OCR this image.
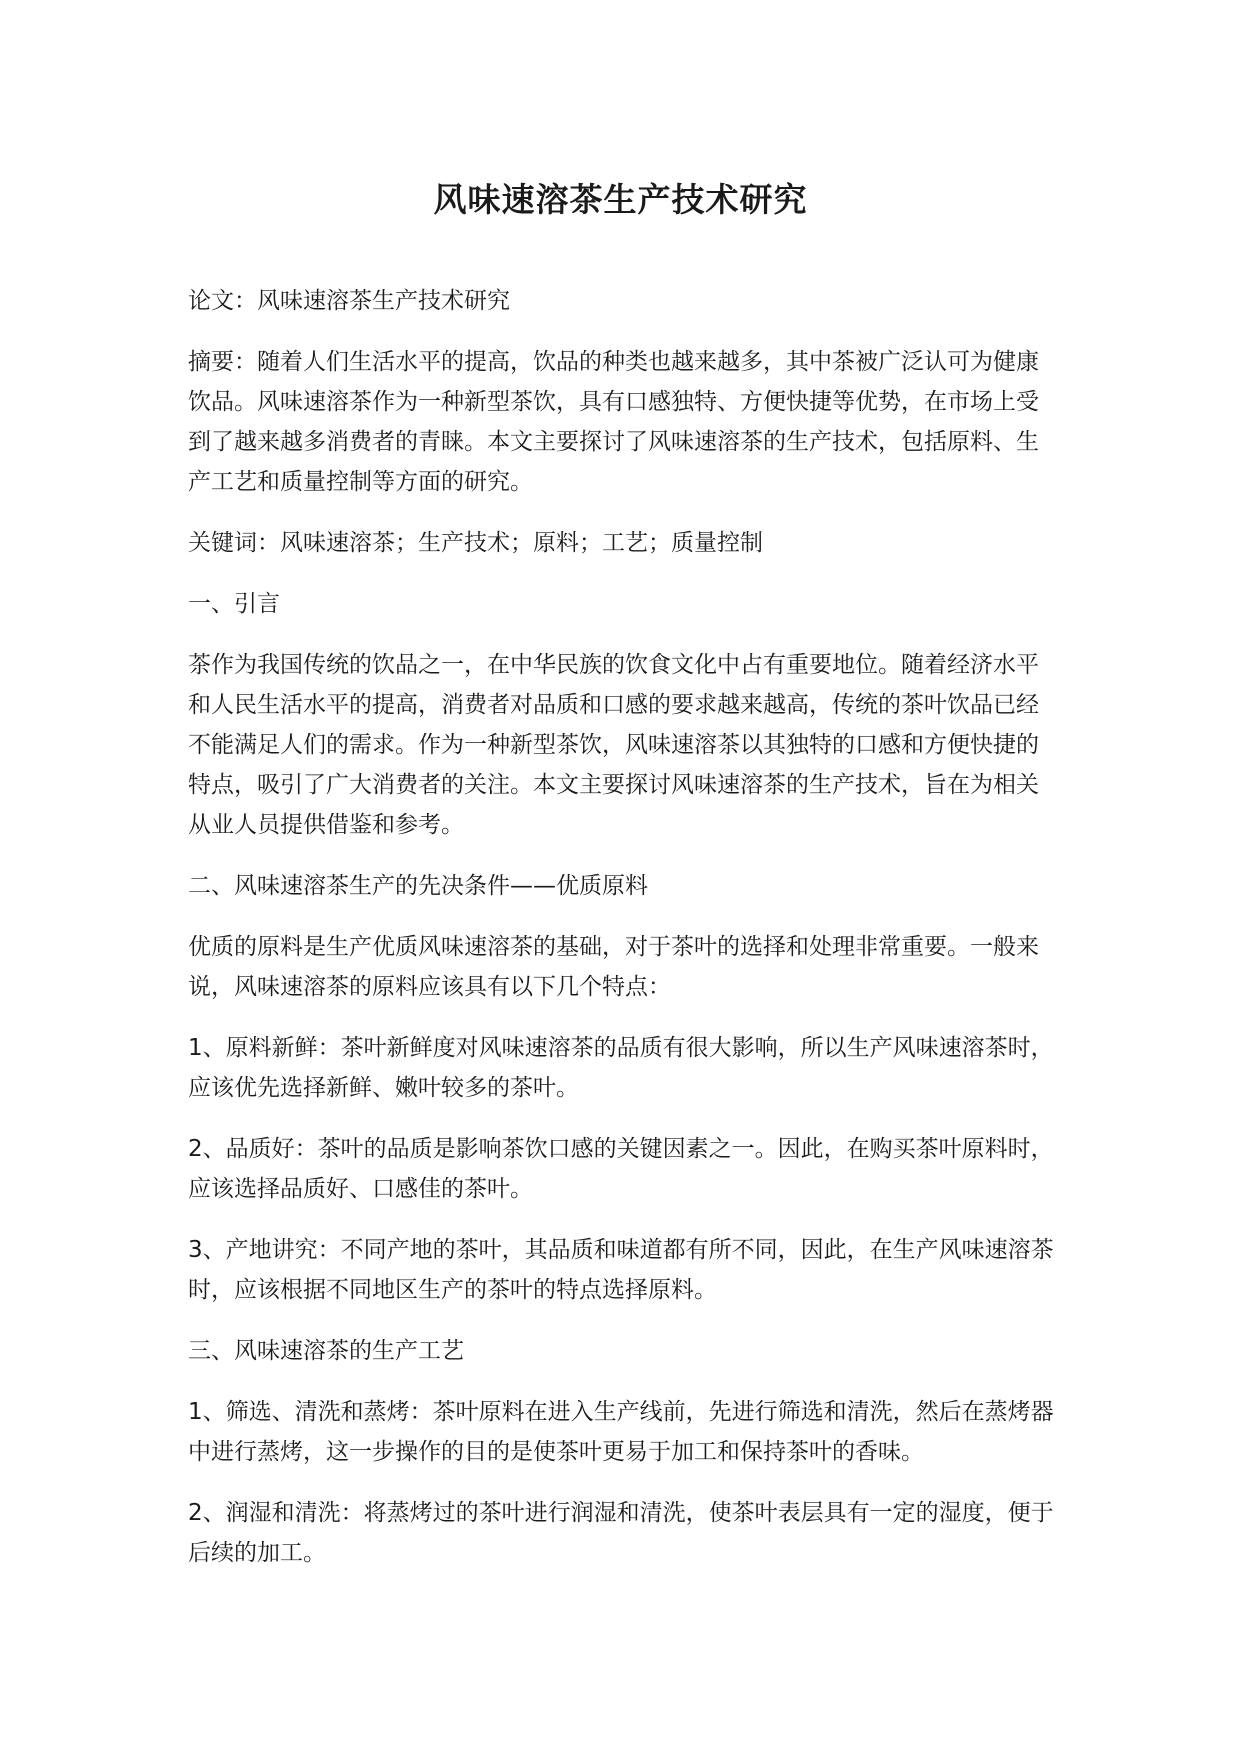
风味速溶茶生产技术研究

论文：风味速溶茶生产技术研究

摘要：随着人们生活水平的提高，饮品的种类也越来越多，其中茶被广泛认可为健康饮品。风味速溶茶作为一种新型茶饮，具有口感独特、方便快捷等优势，在市场上受到了越来越多消费者的青睐。本文主要探讨了风味速溶茶的生产技术，包括原料、生产工艺和质量控制等方面的研究。

关键词：风味速溶茶；生产技术；原料；工艺；质量控制

一、引言

茶作为我国传统的饮品之一，在中华民族的饮食文化中占有重要地位。随着经济水平和人民生活水平的提高，消费者对品质和口感的要求越来越高，传统的茶叶饮品已经不能满足人们的需求。作为一种新型茶饮，风味速溶茶以其独特的口感和方便快捷的特点，吸引了广大消费者的关注。本文主要探讨风味速溶茶的生产技术，旨在为相关从业人员提供借鉴和参考。

二、风味速溶茶生产的先决条件——优质原料

优质的原料是生产优质风味速溶茶的基础，对于茶叶的选择和处理非常重要。一般来说，风味速溶茶的原料应该具有以下几个特点：

1、原料新鲜：茶叶新鲜度对风味速溶茶的品质有很大影响，所以生产风味速溶茶时，应该优先选择新鲜、嫩叶较多的茶叶。

2、品质好：茶叶的品质是影响茶饮口感的关键因素之一。因此，在购买茶叶原料时，应该选择品质好、口感佳的茶叶。

3、产地讲究：不同产地的茶叶，其品质和味道都有所不同，因此，在生产风味速溶茶时，应该根据不同地区生产的茶叶的特点选择原料。

三、风味速溶茶的生产工艺

1、筛选、清洗和蒸烤：茶叶原料在进入生产线前，先进行筛选和清洗，然后在蒸烤器中进行蒸烤，这一步操作的目的是使茶叶更易于加工和保持茶叶的香味。

2、润湿和清洗：将蒸烤过的茶叶进行润湿和清洗，使茶叶表层具有一定的湿度，便于后续的加工。
